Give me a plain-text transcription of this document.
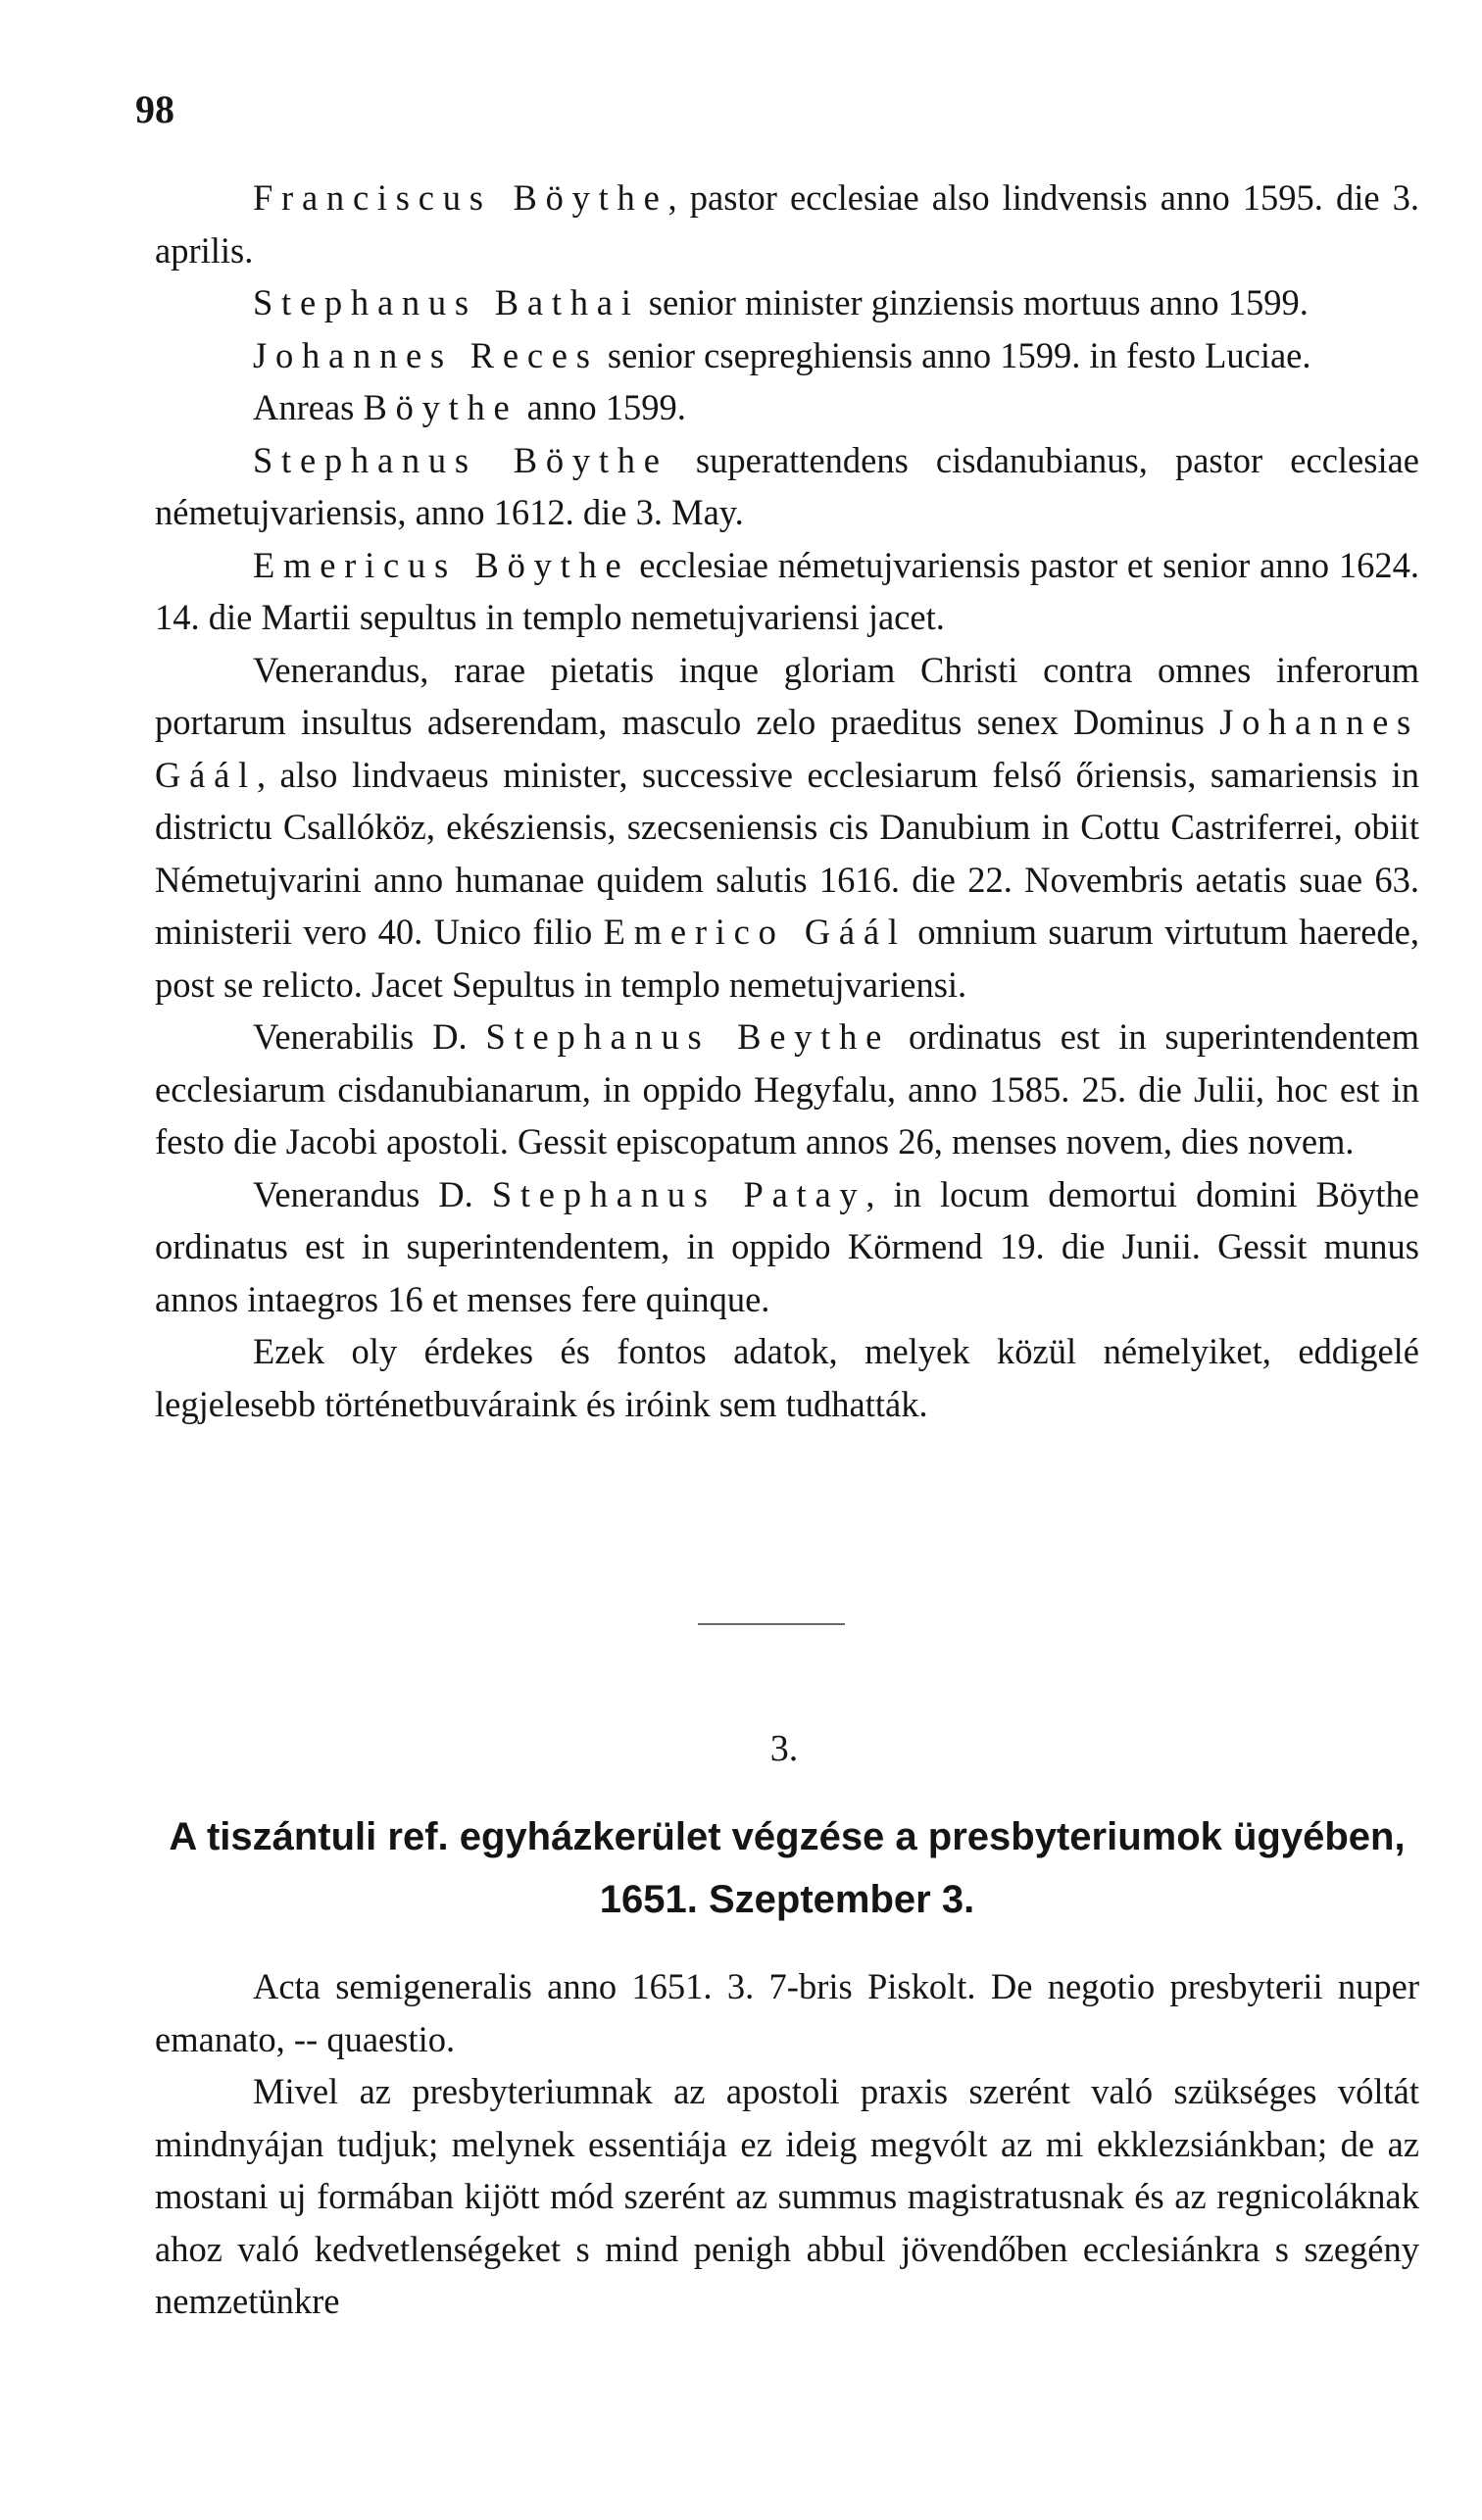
98

Franciscus Böythe, pastor ecclesiae also lindvensis anno 1595. die 3. aprilis.

Stephanus Bathai senior minister ginziensis mortuus anno 1599.

Johannes Reces senior csepreghiensis anno 1599. in festo Luciae.

Anreas Böythe anno 1599.

Stephanus Böythe superattendens cisdanubianus, pastor ecclesiae németujvariensis, anno 1612. die 3. May.

Emericus Böythe ecclesiae németujvariensis pastor et senior anno 1624. 14. die Martii sepultus in templo nemetujvariensi jacet.

Venerandus, rarae pietatis inque gloriam Christi contra omnes inferorum portarum insultus adserendam, masculo zelo praeditus senex Dominus Johannes Gáál, also lindvaeus minister, successive ecclesiarum felső őriensis, samariensis in districtu Csallóköz, ekésziensis, szecseniensis cis Danubium in Cottu Castriferrei, obiit Németujvarini anno humanae quidem salutis 1616. die 22. Novembris aetatis suae 63. ministerii vero 40. Unico filio Emerico Gáál omnium suarum virtutum haerede, post se relicto. Jacet Sepultus in templo nemetujvariensi.

Venerabilis D. Stephanus Beythe ordinatus est in superintendentem ecclesiarum cisdanubianarum, in oppido Hegyfalu, anno 1585. 25. die Julii, hoc est in festo die Jacobi apostoli. Gessit episcopatum annos 26, menses novem, dies novem.

Venerandus D. Stephanus Patay, in locum demortui domini Böythe ordinatus est in superintendentem, in oppido Körmend 19. die Junii. Gessit munus annos intaegros 16 et menses fere quinque.

Ezek oly érdekes és fontos adatok, melyek közül némelyiket, eddigelé legjelesebb történetbuváraink és iróink sem tudhatták.

3.
A tiszántuli ref. egyházkerület végzése a presbyteriumok ügyében, 1651. Szeptember 3.

Acta semigeneralis anno 1651. 3. 7-bris Piskolt. De negotio presbyterii nuper emanato, -- quaestio.

Mivel az presbyteriumnak az apostoli praxis szerént való szükséges vóltát mindnyájan tudjuk; melynek essentiája ez ideig megvólt az mi ekklezsiánkban; de az mostani uj formában kijött mód szerént az summus magistratusnak és az regnicoláknak ahoz való kedvetlenségeket s mind penigh abbul jövendőben ecclesiánkra s szegény nemzetünkre
